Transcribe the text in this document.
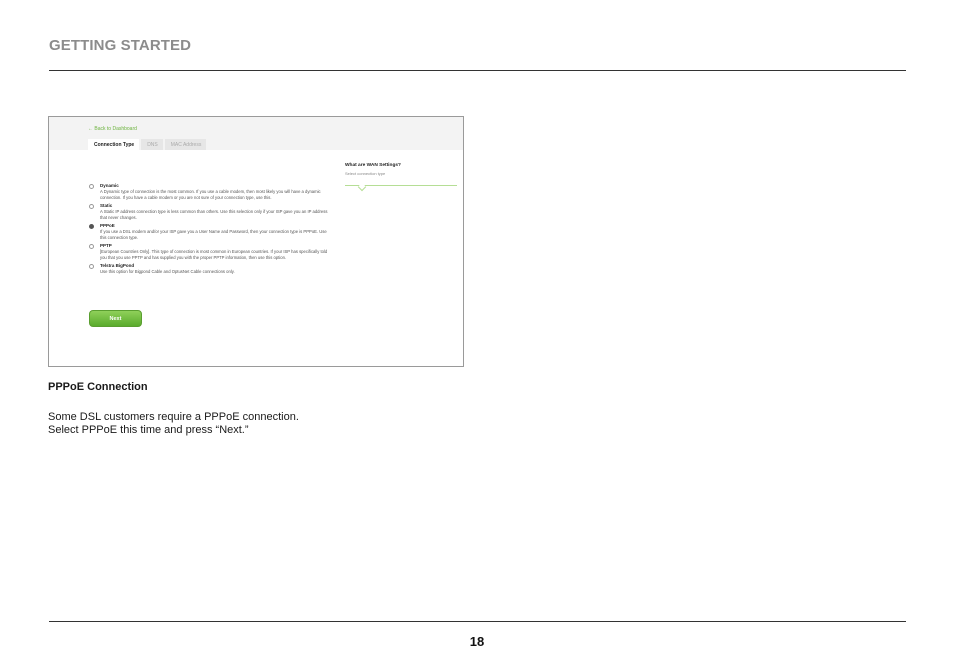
GETTING STARTED
← Back to Dashboard
Connection Type	DNS	MAC Address
Dynamic
A Dynamic type of connection is the most common. If you use a cable modem, then most likely you will have a dynamic connection. If you have a cable modem or you are not sure of your connection type, use this.
Static
A Static IP address connection type is less common than others. Use this selection only if your ISP gave you an IP address that never changes.
PPPoE
If you use a DSL modem and/or your ISP gave you a User Name and Password, then your connection type is PPPoE. Use this connection type.
PPTP
[European Countries Only]. This type of connection is most common in European countries. If your ISP has specifically told you that you use PPTP and has supplied you with the proper PPTP information, then use this option.
Telstra BigPond
Use this option for Bigpond Cable and OptusNet Cable connections only.
Next
What are WAN Settings?
Select connection type
PPPoE Connection
Some DSL customers require a PPPoE connection.
Select PPPoE this time and press “Next.”
18
